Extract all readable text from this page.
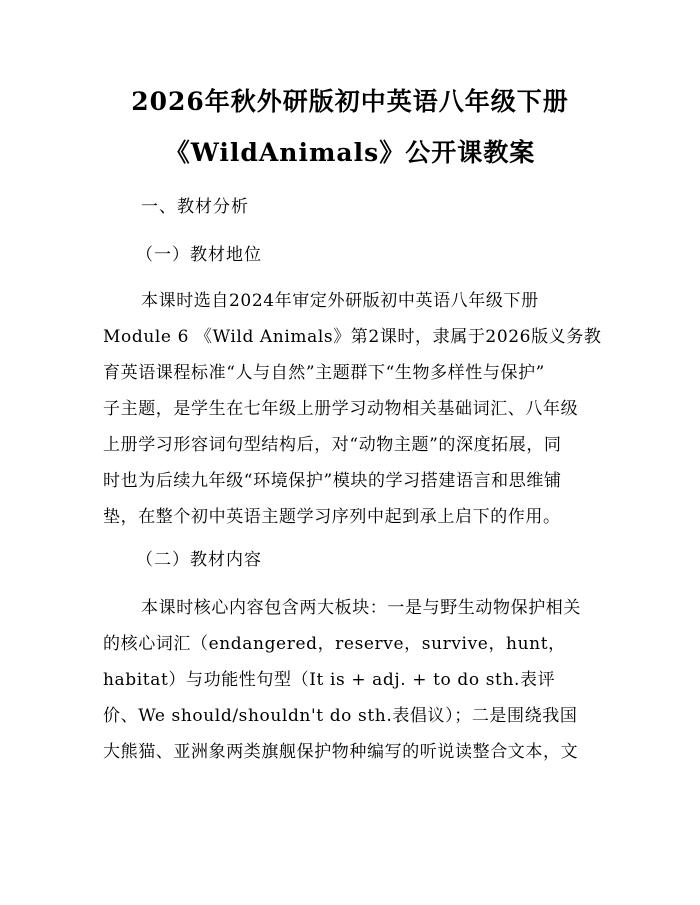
2026年秋外研版初中英语八年级下册
《WildAnimals》公开课教案
一、教材分析
（一）教材地位
本课时选自2024年审定外研版初中英语八年级下册
Module 6 《Wild Animals》第2课时，隶属于2026版义务教
育英语课程标准“人与自然”主题群下“生物多样性与保护”
子主题，是学生在七年级上册学习动物相关基础词汇、八年级
上册学习形容词句型结构后，对“动物主题”的深度拓展，同
时也为后续九年级“环境保护”模块的学习搭建语言和思维铺
垫，在整个初中英语主题学习序列中起到承上启下的作用。
（二）教材内容
本课时核心内容包含两大板块：一是与野生动物保护相关
的核心词汇（endangered，reserve，survive，hunt，
habitat）与功能性句型（It is + adj. + to do sth.表评
价、We should/shouldn't do sth.表倡议）；二是围绕我国
大熊猫、亚洲象两类旗舰保护物种编写的听说读整合文本，文
